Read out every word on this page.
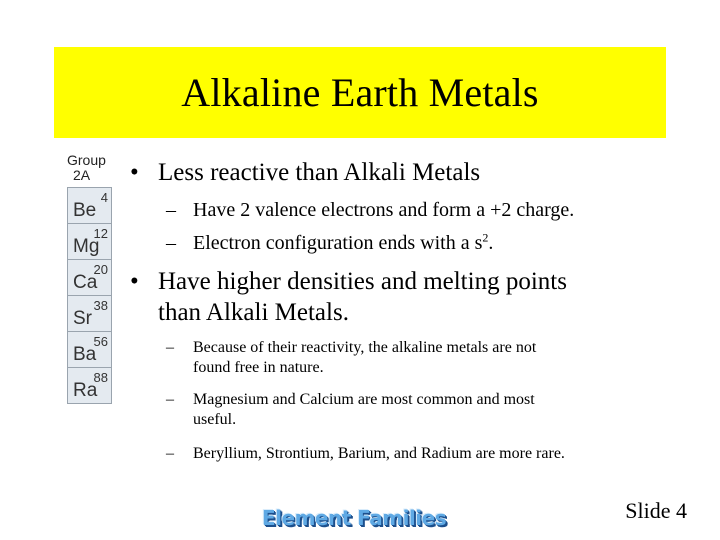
Alkaline Earth Metals
Group
2A
Be
4
Mg
12
Ca
20
Sr
38
Ba
56
Ra
88
• Less reactive than Alkali Metals
– Have 2 valence electrons and form a +2 charge.
– Electron configuration ends with a $s^2$.
• Have higher densities and melting points
than Alkali Metals.
– Because of their reactivity, the alkaline metals are not
found free in nature.
– Magnesium and Calcium are most common and most
useful.
– Beryllium, Strontium, Barium, and Radium are more rare.
Element Families	Slide 4
